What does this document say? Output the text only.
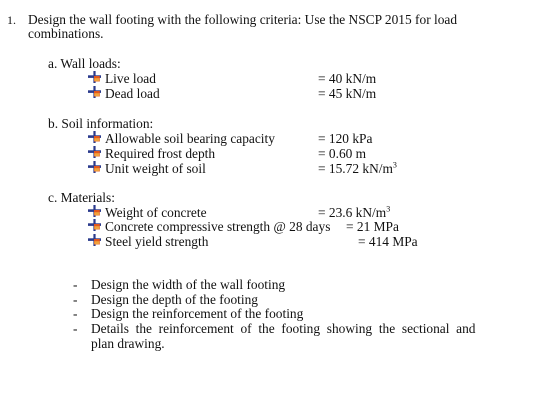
1. Design the wall footing with the following criteria: Use the NSCP 2015 for load
combinations.
a. Wall loads:
Live load	= 40 kN/m
Dead load	= 45 kN/m
b. Soil information:
Allowable soil bearing capacity	= 120 kPa
Required frost depth	= 0.60 m
Unit weight of soil	= 15.72 $kN/m^3$
c. Materials:
Weight of concrete	= 23.6 $kN/m^3$
Concrete compressive strength @ 28 days = 21 MPa
Steel yield strength	= 414 MPa
- Design the width of the wall footing
- Design the depth of the footing
- Design the reinforcement of the footing
- Details  the  reinforcement  of  the  footing  showing  the  sectional  and
plan drawing.
